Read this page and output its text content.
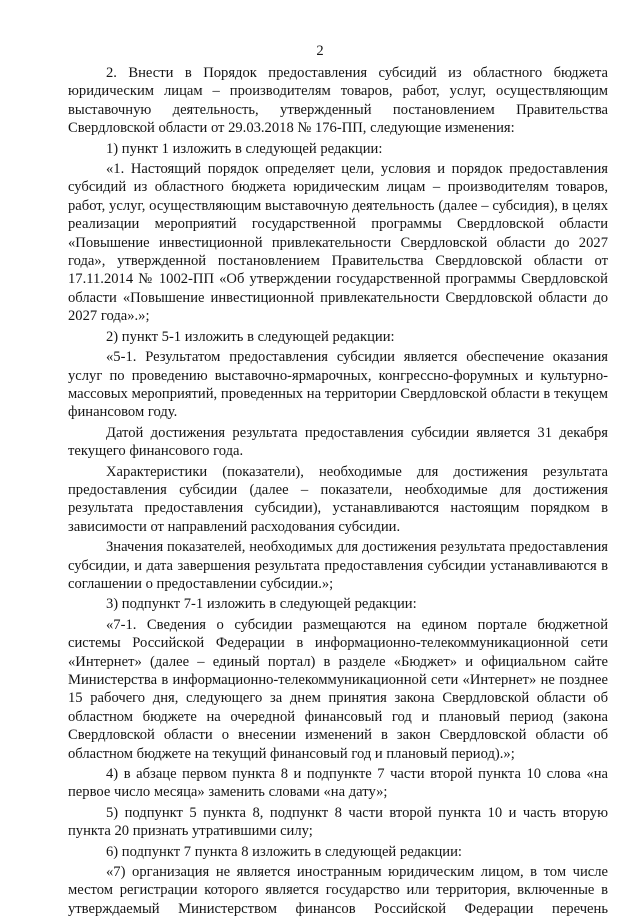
2

2. Внести в Порядок предоставления субсидий из областного бюджета юридическим лицам – производителям товаров, работ, услуг, осуществляющим выставочную деятельность, утвержденный постановлением Правительства Свердловской области от 29.03.2018 № 176-ПП, следующие изменения:

1) пункт 1 изложить в следующей редакции:

«1. Настоящий порядок определяет цели, условия и порядок предоставления субсидий из областного бюджета юридическим лицам – производителям товаров, работ, услуг, осуществляющим выставочную деятельность (далее – субсидия), в целях реализации мероприятий государственной программы Свердловской области «Повышение инвестиционной привлекательности Свердловской области до 2027 года», утвержденной постановлением Правительства Свердловской области от 17.11.2014 № 1002-ПП «Об утверждении государственной программы Свердловской области «Повышение инвестиционной привлекательности Свердловской области до 2027 года».»;

2) пункт 5-1 изложить в следующей редакции:

«5-1. Результатом предоставления субсидии является обеспечение оказания услуг по проведению выставочно-ярмарочных, конгрессно-форумных и культурно-массовых мероприятий, проведенных на территории Свердловской области в текущем финансовом году.

Датой достижения результата предоставления субсидии является 31 декабря текущего финансового года.

Характеристики (показатели), необходимые для достижения результата предоставления субсидии (далее – показатели, необходимые для достижения результата предоставления субсидии), устанавливаются настоящим порядком в зависимости от направлений расходования субсидии.

Значения показателей, необходимых для достижения результата предоставления субсидии, и дата завершения результата предоставления субсидии устанавливаются в соглашении о предоставлении субсидии.»;

3) подпункт 7-1 изложить в следующей редакции:

«7-1. Сведения о субсидии размещаются на едином портале бюджетной системы Российской Федерации в информационно-телекоммуникационной сети «Интернет» (далее – единый портал) в разделе «Бюджет» и официальном сайте Министерства в информационно-телекоммуникационной сети «Интернет» не позднее 15 рабочего дня, следующего за днем принятия закона Свердловской области об областном бюджете на очередной финансовый год и плановый период (закона Свердловской области о внесении изменений в закон Свердловской области об областном бюджете на текущий финансовый год и плановый период).»;

4) в абзаце первом пункта 8 и подпункте 7 части второй пункта 10 слова «на первое число месяца» заменить словами «на дату»;

5) подпункт 5 пункта 8, подпункт 8 части второй пункта 10 и часть вторую пункта 20 признать утратившими силу;

6) подпункт 7 пункта 8 изложить в следующей редакции:

«7) организация не является иностранным юридическим лицом, в том числе местом регистрации которого является государство или территория, включенные в утверждаемый Министерством финансов Российской Федерации перечень
